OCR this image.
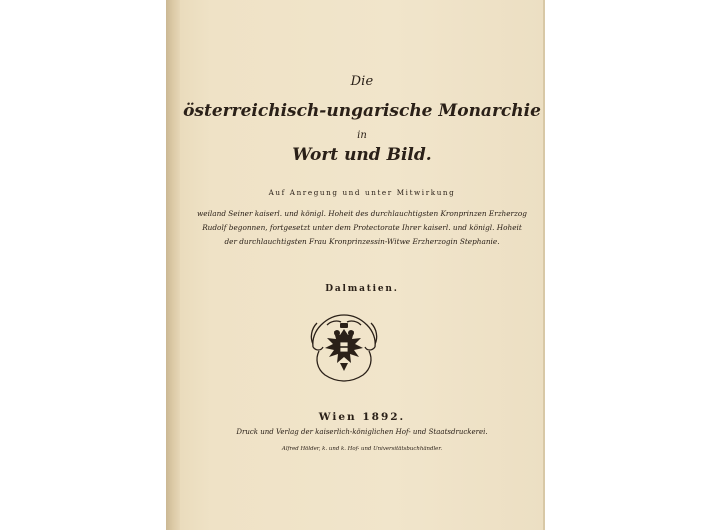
Die
österreichisch-ungarische Monarchie
in
Wort und Bild.
Auf Anregung und unter Mitwirkung
weiland Seiner kaiserl. und königl. Hoheit des durchlauchtigsten Kronprinzen Erzherzog
Rudolf begonnen, fortgesetzt unter dem Protectorate Ihrer kaiserl. und königl. Hoheit
der durchlauchtigsten Frau Kronprinzessin-Witwe Erzherzogin Stephanie.
Dalmatien.
Wien 1892.
Druck und Verlag der kaiserlich-königlichen Hof- und Staatsdruckerei.
Alfred Hölder, k. und k. Hof- und Universitätsbuchhändler.
